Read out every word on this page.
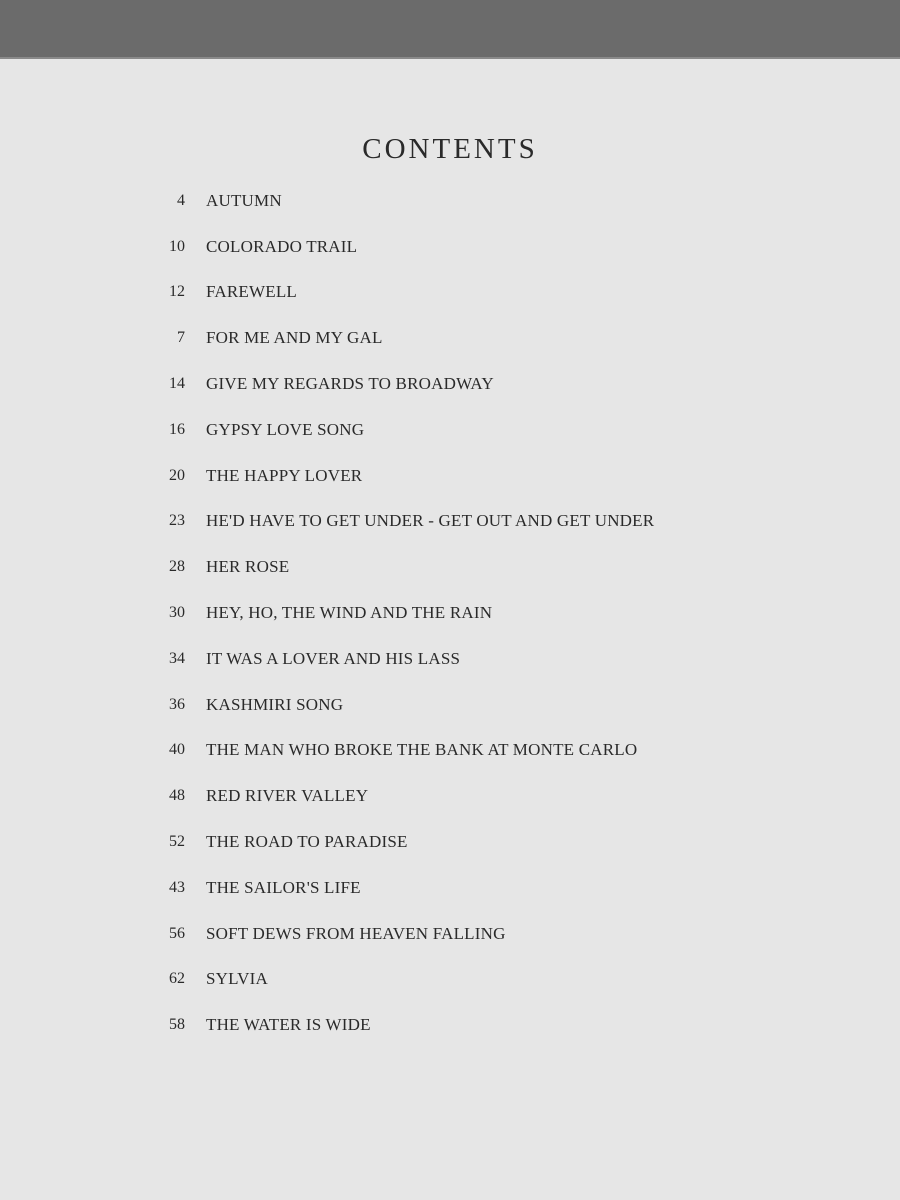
CONTENTS
4	AUTUMN
10	COLORADO TRAIL
12	FAREWELL
7	FOR ME AND MY GAL
14	GIVE MY REGARDS TO BROADWAY
16	GYPSY LOVE SONG
20	THE HAPPY LOVER
23	HE'D HAVE TO GET UNDER - GET OUT AND GET UNDER
28	HER ROSE
30	HEY, HO, THE WIND AND THE RAIN
34	IT WAS A LOVER AND HIS LASS
36	KASHMIRI SONG
40	THE MAN WHO BROKE THE BANK AT MONTE CARLO
48	RED RIVER VALLEY
52	THE ROAD TO PARADISE
43	THE SAILOR'S LIFE
56	SOFT DEWS FROM HEAVEN FALLING
62	SYLVIA
58	THE WATER IS WIDE
